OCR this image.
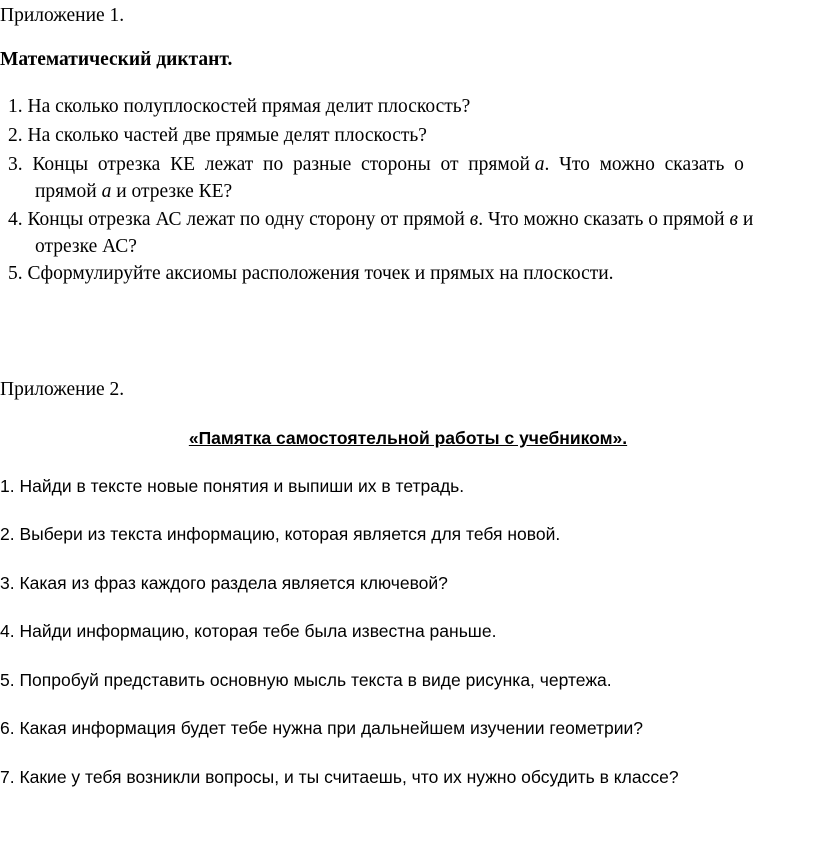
Приложение 1.
Математический диктант.
1. На сколько полуплоскостей прямая делит плоскость?
2. На сколько частей две прямые делят плоскость?
3.  Концы  отрезка  КЕ  лежат  по  разные  стороны  от  прямой а.  Что  можно  сказать  о
прямой а и отрезке КЕ?
4. Концы отрезка АС лежат по одну сторону от прямой в. Что можно сказать о прямой в и
отрезке АС?
5. Сформулируйте аксиомы расположения точек и прямых на плоскости.
Приложение 2.
«Памятка самостоятельной работы с учебником».
1. Найди в тексте новые понятия и выпиши их в тетрадь.
2. Выбери из текста информацию, которая является для тебя новой.
3. Какая из фраз каждого раздела является ключевой?
4. Найди информацию, которая тебе была известна раньше.
5. Попробуй представить основную мысль текста в виде рисунка, чертежа.
6. Какая информация будет тебе нужна при дальнейшем изучении геометрии?
7. Какие у тебя возникли вопросы, и ты считаешь, что их нужно обсудить в классе?
